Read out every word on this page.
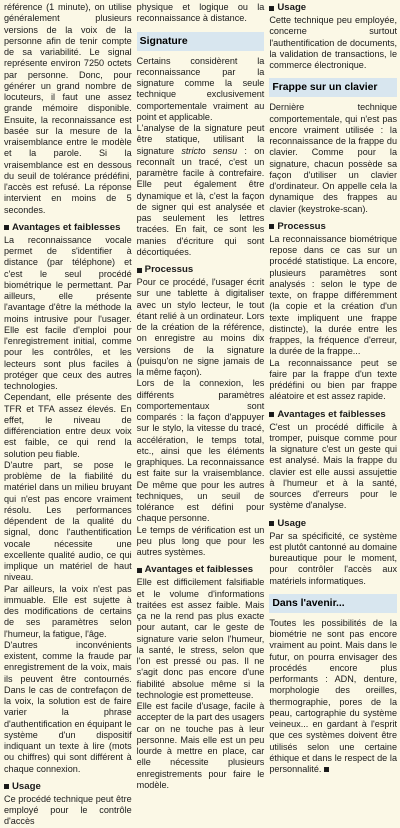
référence (1 minute), on utilise généralement plusieurs versions de la voix de la personne afin de tenir compte de sa variabilité. Le signal représente environ 7250 octets par personne. Donc, pour générer un grand nombre de locuteurs, il faut une assez grande mémoire disponible. Ensuite, la reconnaissance est basée sur la mesure de la vraisemblance entre le modèle et la parole. Si la vraisemblance est en dessous du seuil de tolérance prédéfini, l'accès est refusé. La réponse intervient en moins de 5 secondes.

Avantages et faiblesses

La reconnaissance vocale permet de s'identifier à distance (par téléphone) et c'est le seul procédé biométrique le permettant. Par ailleurs, elle présente l'avantage d'être la méthode la moins intrusive pour l'usager. Elle est facile d'emploi pour l'enregistrement initial, comme pour les contrôles, et les lecteurs sont plus faciles à protéger que ceux des autres technologies.

Cependant, elle présente des TFR et TFA assez élevés. En effet, le niveau de différenciation entre deux voix est faible, ce qui rend la solution peu fiable.

D'autre part, se pose le problème de la fiabilité du matériel dans un milieu bruyant qui n'est pas encore vraiment résolu. Les performances dépendent de la qualité du signal, donc l'authentification vocale nécessite une excellente qualité audio, ce qui implique un matériel de haut niveau.

Par ailleurs, la voix n'est pas immuable. Elle est sujette à des modifications de certains de ses paramètres selon l'humeur, la fatigue, l'âge.

D'autres inconvénients existent, comme la fraude par enregistrement de la voix, mais ils peuvent être contournés. Dans le cas de contrefaçon de la voix, la solution est de faire varier la phrase d'authentification en équipant le système d'un dispositif indiquant un texte à lire (mots ou chiffres) qui sont différent à chaque connexion.

Usage

Ce procédé technique peut être employé pour le contrôle d'accès

physique et logique ou la reconnaissance à distance.

Signature

Certains considèrent la reconnaissance par la signature comme la seule technique exclusivement comportementale vraiment au point et applicable.

L'analyse de la signature peut être statique, utilisant la signature stricto sensu : on reconnaît un tracé, c'est un paramètre facile à contrefaire. Elle peut également être dynamique et là, c'est la façon de signer qui est analysée et pas seulement les lettres tracées. En fait, ce sont les manies d'écriture qui sont décortiquées.

Processus

Pour ce procédé, l'usager écrit sur une tablette à digitaliser avec un stylo lecteur, le tout étant relié à un ordinateur. Lors de la création de la référence, on enregistre au moins dix versions de la signature (puisqu'on ne signe jamais de la même façon).

Lors de la connexion, les différents paramètres comportementaux sont comparés : la façon d'appuyer sur le stylo, la vitesse du tracé, accélération, le temps total, etc., ainsi que les éléments graphiques. La reconnaissance est faite sur la vraisemblance. De même que pour les autres techniques, un seuil de tolérance est défini pour chaque personne.

Le temps de vérification est un peu plus long que pour les autres systèmes.

Avantages et faiblesses

Elle est difficilement falsifiable et le volume d'informations traitées est assez faible. Mais ça ne la rend pas plus exacte pour autant, car le geste de signature varie selon l'humeur, la santé, le stress, selon que l'on est pressé ou pas. Il ne s'agit donc pas encore d'une fiabilité absolue même si la technologie est prometteuse.

Elle est facile d'usage, facile à accepter de la part des usagers car on ne touche pas à leur personne. Mais elle est un peu lourde à mettre en place, car elle nécessite plusieurs enregistrements pour faire le modèle.

Usage

Cette technique peu employée, concerne surtout l'authentification de documents, la validation de transactions, le commerce électronique.

Frappe sur un clavier

Dernière technique comportementale, qui n'est pas encore vraiment utilisée : la reconnaissance de la frappe du clavier. Comme pour la signature, chacun possède sa façon d'utiliser un clavier d'ordinateur. On appelle cela la dynamique des frappes au clavier (keystroke-scan).

Processus

La reconnaissance biométrique repose dans ce cas sur un procédé statistique. La encore, plusieurs paramètres sont analysés : selon le type de texte, on frappe différemment (la copie et la création d'un texte impliquent une frappe distincte), la durée entre les frappes, la fréquence d'erreur, la durée de la frappe...

La reconnaissance peut se faire par la frappe d'un texte prédéfini ou bien par frappe aléatoire et est assez rapide.

Avantages et faiblesses

C'est un procédé difficile à tromper, puisque comme pour la signature c'est un geste qui est analysé. Mais la frappe du clavier est elle aussi assujettie à l'humeur et à la santé, sources d'erreurs pour le système d'analyse.

Usage

Par sa spécificité, ce système est plutôt cantonné au domaine bureautique pour le moment, pour contrôler l'accès aux matériels informatiques.

Dans l'avenir...

Toutes les possibilités de la biométrie ne sont pas encore vraiment au point. Mais dans le futur, on pourra envisager des procédés encore plus performants : ADN, denture, morphologie des oreilles, thermographie, pores de la peau, cartographie du système veineux... en gardant à l'esprit que ces systèmes doivent être utilisés selon une certaine éthique et dans le respect de la personnalité.
